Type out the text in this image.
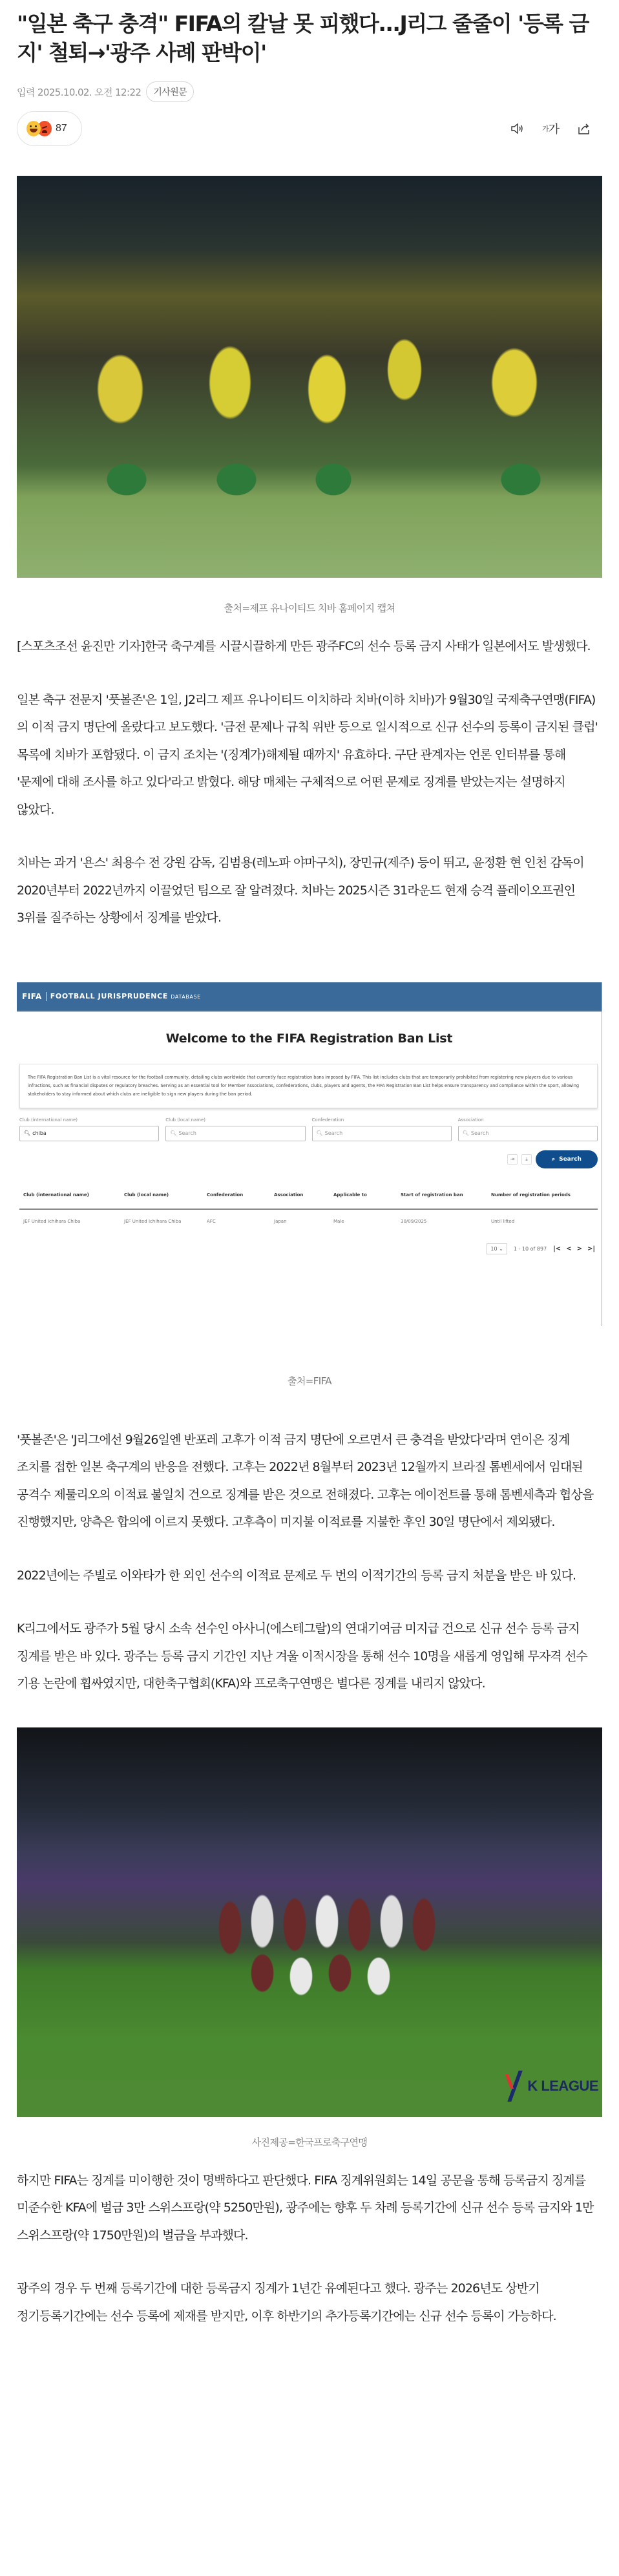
"일본 축구 충격" FIFA의 칼날 못 피했다...J리그 줄줄이 '등록 금지' 철퇴→'광주 사례 판박이'
입력 2025.10.02. 오전 12:22	기사원문
87	가 가

출처=제프 유나이티드 치바 홈페이지 캡쳐

[스포츠조선 윤진만 기자]한국 축구계를 시끌시끌하게 만든 광주FC의 선수 등록 금지 사태가 일본에서도 발생했다.

일본 축구 전문지 '풋볼존'은 1일, J2리그 제프 유나이티드 이치하라 치바(이하 치바)가 9월30일 국제축구연맹(FIFA)의 이적 금지 명단에 올랐다고 보도했다. '금전 문제나 규칙 위반 등으로 일시적으로 신규 선수의 등록이 금지된 클럽' 목록에 치바가 포함됐다. 이 금지 조치는 '(징계가)해제될 때까지' 유효하다. 구단 관계자는 언론 인터뷰를 통해 '문제에 대해 조사를 하고 있다'라고 밝혔다. 해당 매체는 구체적으로 어떤 문제로 징계를 받았는지는 설명하지 않았다.

치바는 과거 '욘스' 최용수 전 강원 감독, 김범용(레노파 야마구치), 장민규(제주) 등이 뛰고, 윤정환 현 인천 감독이 2020년부터 2022년까지 이끌었던 팀으로 잘 알려졌다. 치바는 2025시즌 31라운드 현재 승격 플레이오프권인 3위를 질주하는 상황에서 징계를 받았다.

FIFA	FOOTBALL JURISPRUDENCE DATABASE
Welcome to the FIFA Registration Ban List
The FIFA Registration Ban List is a vital resource for the football community, detailing clubs worldwide that currently face registration bans imposed by FIFA. This list includes clubs that are temporarily prohibited from registering new players due to various infractions, such as financial disputes or regulatory breaches. Serving as an essential tool for Member Associations, confederations, clubs, players and agents, the FIFA Registration Ban List helps ensure transparency and compliance within the sport, allowing stakeholders to stay informed about which clubs are ineligible to sign new players during the ban period.
Club (international name)
🔍︎ chiba
Club (local name)
🔍︎ Search
Confederation
🔍︎ Search
Association
🔍︎ Search
⇥	⤓	⌕ Search
Club (international name)	Club (local name)	Confederation	Association	Applicable to	Start of registration ban	Number of registration periods
JEF United Ichihara Chiba	JEF United Ichihara Chiba	AFC	Japan	Male	30/09/2025	Until lifted
10 ⌄	1 - 10 of 897 |< < > >|

출처=FIFA

'풋볼존'은 'J리그에선 9월26일엔 반포레 고후가 이적 금지 명단에 오르면서 큰 충격을 받았다'라며 연이은 징계 조치를 접한 일본 축구계의 반응을 전했다. 고후는 2022년 8월부터 2023년 12월까지 브라질 톰벤세에서 임대된 공격수 제툴리오의 이적료 불일치 건으로 징계를 받은 것으로 전해졌다. 고후는 에이전트를 통해 톰벤세측과 협상을 진행했지만, 양측은 합의에 이르지 못했다. 고후측이 미지불 이적료를 지불한 후인 30일 명단에서 제외됐다.

2022년에는 주빌로 이와타가 한 외인 선수의 이적료 문제로 두 번의 이적기간의 등록 금지 처분을 받은 바 있다.

K리그에서도 광주가 5월 당시 소속 선수인 아사니(에스테그랄)의 연대기여금 미지급 건으로 신규 선수 등록 금지 징계를 받은 바 있다. 광주는 등록 금지 기간인 지난 겨울 이적시장을 통해 선수 10명을 새롭게 영입해 무자격 선수 기용 논란에 휩싸였지만, 대한축구협회(KFA)와 프로축구연맹은 별다른 징계를 내리지 않았다.

K LEAGUE

사진제공=한국프로축구연맹

하지만 FIFA는 징계를 미이행한 것이 명백하다고 판단했다. FIFA 징계위원회는 14일 공문을 통해 등록금지 징계를 미준수한 KFA에 벌금 3만 스위스프랑(약 5250만원), 광주에는 향후 두 차례 등록기간에 신규 선수 등록 금지와 1만 스위스프랑(약 1750만원)의 벌금을 부과했다.

광주의 경우 두 번째 등록기간에 대한 등록금지 징계가 1년간 유예된다고 했다. 광주는 2026년도 상반기 정기등록기간에는 선수 등록에 제재를 받지만, 이후 하반기의 추가등록기간에는 신규 선수 등록이 가능하다.
